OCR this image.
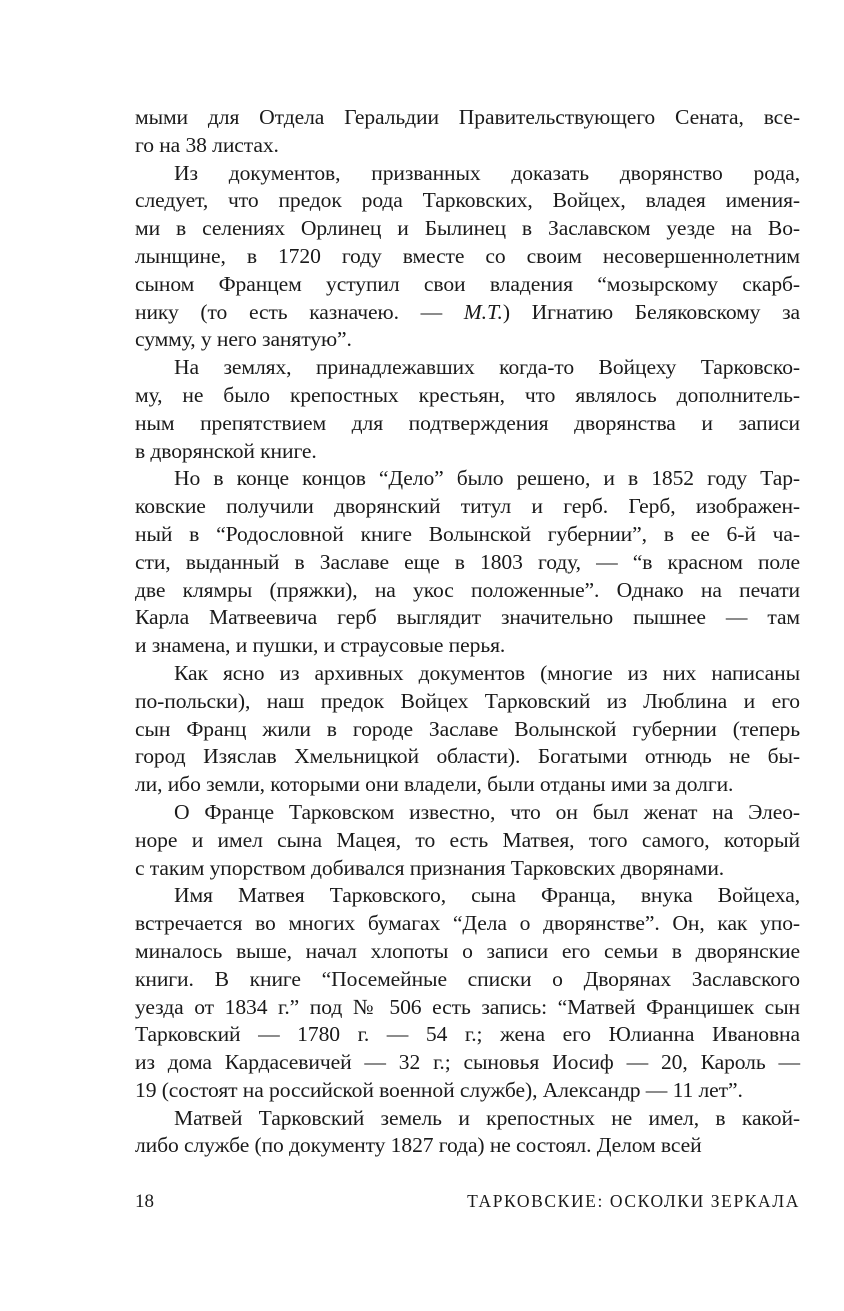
мыми для Отдела Геральдии Правительствующего Сената, все-
го на 38 листах.
Из документов, призванных доказать дворянство рода,
следует, что предок рода Тарковских, Войцех, владея имения-
ми в селениях Орлинец и Былинец в Заславском уезде на Во-
лынщине, в 1720 году вместе со своим несовершеннолетним
сыном Францем уступил свои владения “мозырскому скарб-
нику (то есть казначею. — М.Т.) Игнатию Беляковскому за
сумму, у него занятую”.
На землях, принадлежавших когда-то Войцеху Тарковско-
му, не было крепостных крестьян, что являлось дополнитель-
ным препятствием для подтверждения дворянства и записи
в дворянской книге.
Но в конце концов “Дело” было решено, и в 1852 году Тар-
ковские получили дворянский титул и герб. Герб, изображен-
ный в “Родословной книге Волынской губернии”, в ее 6-й ча-
сти, выданный в Заславе еще в 1803 году, — “в красном поле
две клямры (пряжки), на укос положенные”. Однако на печати
Карла Матвеевича герб выглядит значительно пышнее — там
и знамена, и пушки, и страусовые перья.
Как ясно из архивных документов (многие из них написаны
по-польски), наш предок Войцех Тарковский из Люблина и его
сын Франц жили в городе Заславе Волынской губернии (теперь
город Изяслав Хмельницкой области). Богатыми отнюдь не бы-
ли, ибо земли, которыми они владели, были отданы ими за долги.
О Франце Тарковском известно, что он был женат на Элео-
норе и имел сына Мацея, то есть Матвея, того самого, который
с таким упорством добивался признания Тарковских дворянами.
Имя Матвея Тарковского, сына Франца, внука Войцеха,
встречается во многих бумагах “Дела о дворянстве”. Он, как упо-
миналось выше, начал хлопоты о записи его семьи в дворянские
книги. В книге “Посемейные списки о Дворянах Заславского
уезда от 1834 г.” под № 506 есть запись: “Матвей Францишек сын
Тарковский — 1780 г. — 54 г.; жена его Юлианна Ивановна
из дома Кардасевичей — 32 г.; сыновья Иосиф — 20, Кароль —
19 (состоят на российской военной службе), Александр — 11 лет”.
Матвей Тарковский земель и крепостных не имел, в какой-
либо службе (по документу 1827 года) не состоял. Делом всей
18	ТАРКОВСКИЕ: ОСКОЛКИ ЗЕРКАЛА
